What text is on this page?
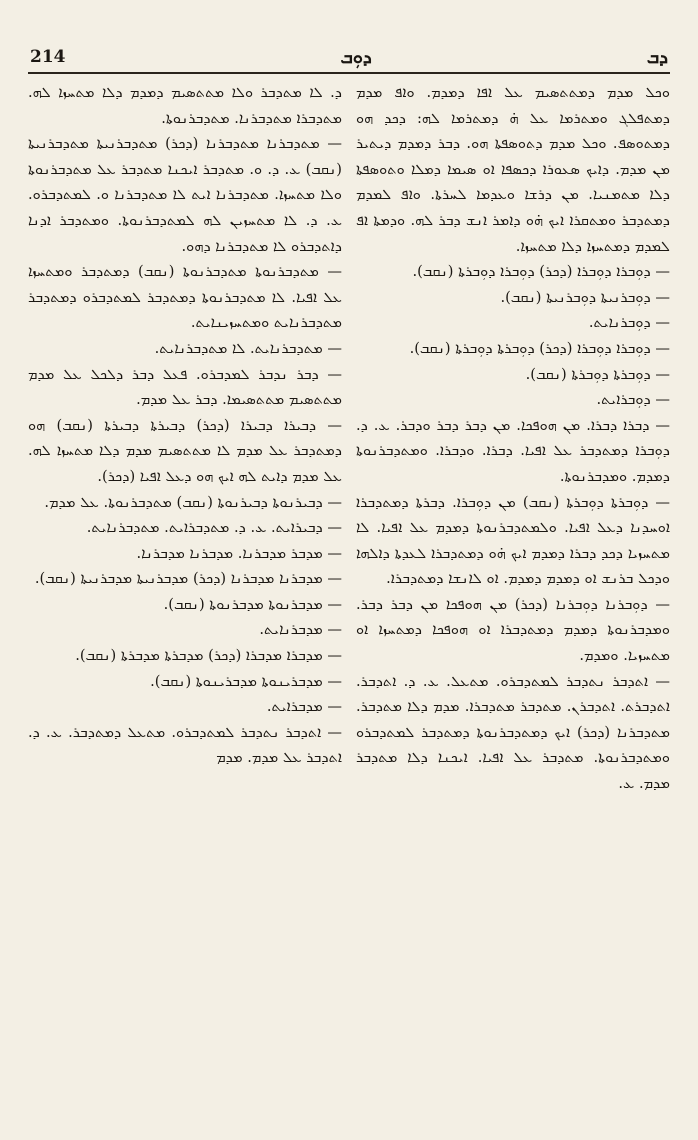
214	ܕܘܼܒ	ܕܒ

ܘܟܠ ܡܕܡ ܕܡܬܬܣܝܡ ܥܠ ܐܦܐ ܕܡܕܡ. ܘܐܦ ܡܕܡ ܕܡܬܦܠܓ ܘܡܬܪܡܐ ܥܠ ܗ̇ ܕܡܬܪܡܐ ܠܗ: ܕܟܕ ܗܘ ܕܡܬܘܣܦ. ܘܟܠ ܡܕܡ ܕܬܘܣܦܬܐ ܗܘ. ܕܒܪ ܕܡܕܡ ܕܝܬܝܪ ܡܢ ܡܕܡ. ܕܐܝܟ ܣܥܘܪܐ ܕܟܣܦܐ ܐܘ ܣܝܡܐ ܕܡܠܐ ܘܬܘܣܦܬܐ ܕܠܐ ܡܬܡܢܝܐ. ܡܢ ܕܪܫܐ ܘܥܕܡܐ ܠܚܪܬܐ. ܘܐܦ ܠܡܕܡ ܕܡܬܕܒܪ ܘܡܬܩܪܐ ܐܝܟ ܗ̇ܘ ܕܐܡܪ ܐܢܫ ܕܒܪ ܠܗ. ܘܕܡܬܐ ܐܦ ܠܡܕܡ ܕܡܬܚܙܐ ܕܠܐ ܡܬܚܙܐ.

— ܕܘܼܒܪܐ ܕܘܼܒܪܐ (ܕܟܪ) ܕܘܼܒܪܐ ܕܘܼܒܪܬܐ (ܢܩܒ).

— ܕܘܼܒܪܢܝܬܐ ܕܘܼܒܪܢܝܬܐ (ܢܩܒ).

— ܕܘܼܒܪܢܐܝܬ.

— ܕܘܼܒܪܐ ܕܘܼܒܪܐ (ܕܟܪ) ܕܘܼܒܪܬܐ ܕܘܼܒܪܬܐ (ܢܩܒ).

— ܕܘܼܒܪܬܐ ܕܘܼܒܪܬܐ (ܢܩܒ).

— ܕܘܼܒܪܐܝܬ.

— ܕܒܪܐ ܕܒܪܐ. ܡܢ ܗܘܦܟܐ. ܡܢ ܕܒܪ ܕܒܪ ܘܕܒܪ. ܥ. ܕ. ܕܘܼܒܪܐ ܕܡܬܕܒܪ ܥܠ ܐܦܝܐ. ܕܒܪܐ. ܘܕܒܪܐ. ܘܡܬܕܒܪܢܘܬܐ ܕܡܕܡ. ܘܡܕܒܪܢܘܬܐ.

— ܕܘܼܒܪܬܐ ܕܘܼܒܪܬܐ (ܢܩܒ) ܡܢ ܕܘܼܒܪܐ. ܕܒܪܬܐ ܕܡܬܕܒܪܐ ܐܘܚܕܢܐ ܕܥܠ ܐܦܝܐ. ܘܠܡܬܕܒܪܢܘܬܐ ܕܡܕܡ ܥܠ ܐܦܝܐ. ܠܐ ܡܬܚܙܝܐ ܕܟܕ ܕܒܪܐ ܕܡܕܡ ܐܝܟ ܗ̇ܘ ܕܡܬܕܒܪܐ ܠܥܕܬܐ ܕܐܠܗܐ ܘܕܟܠ ܒܪܢܫ ܐܘ ܕܡܕܡ ܕܡܕܡ. ܐܘ ܠܐܢܫܐ ܕܡܬܕܒܪܐ.

— ܕܘܼܒܪܢܐ ܕܘܼܒܪܢܐ (ܕܟܪ) ܡܢ ܗܘܦܟܐ ܡܢ ܕܒܪ ܕܒܪ. ܘܡܕܒܪܢܘܬܐ ܕܡܕܡ ܕܡܬܕܒܪܐ ܐܘ ܗܘܦܟܐ ܕܡܬܚܙܐ ܐܘ ܡܬܚܙܝܐ. ܘܡܕܡ.

— ܐܬܕܒܪ ܢܬܕܒܪ ܠܡܬܕܒܪܘ. ܡܬܥܠ. ܥ. ܕ. ܐܬܕܒܪ. ܐܬܕܒܪܬ. ܐܬܕܒܪܢ. ܡܬܕܒܪ ܡܬܕܒܪܐ. ܡܕܡ ܕܠܐ ܡܬܕܒܪ. ܡܬܕܒܪܢܐ (ܕܟܪ) ܐܝܟ ܕܡܬܕܒܪܢܘܬܐ ܕܡܬܕܒܪ ܠܡܬܕܒܪܘ ܘܡܬܕܒܪܢܘܬܐ. ܡܬܕܒܪ ܥܠ ܐܦܝܐ. ܐܝܟܢܐ ܕܠܐ ܡܬܕܒܪ ܡܕܡ. ܥ.

ܕ. ܠܐ ܡܬܕܒܪ ܘܠܐ ܡܬܬܣܝܡ ܕܡܕܡ ܕܠܐ ܡܬܚܙܐ ܠܗ. ܡܬܕܒܪܐ ܡܬܕܒܪܢܐ. ܡܬܕܒܪܢܘܬܐ.

— ܡܬܕܒܪܢܐ ܡܬܕܒܪܢܐ (ܕܟܪ) ܡܬܕܒܪܢܝܬܐ ܡܬܕܒܪܢܝܬܐ (ܢܩܒ) ܥ. ܕ. ܘ. ܡܬܕܒܪ ܐܝܟܢܐ ܡܬܕܒܪ ܥܠ ܡܬܕܒܪܢܘܬܐ ܘܠܐ ܡܬܚܙܐ. ܡܬܕܒܪܢܐ ܐܝܬ ܠܐ ܡܬܕܒܪܢܐ ܘ. ܠܡܬܕܒܪܘ. ܥ. ܕ. ܠܐ ܡܬܚܙܝܢ ܠܗ ܠܡܬܕܒܪܢܘܬܐ. ܘܡܬܕܒܪ ܐܕܢܐ ܕܐܬܕܒܪܘ ܠܐ ܡܬܕܒܪܢܐ ܕܗܘ.

— ܡܬܕܒܪܢܘܬܐ ܡܬܕܒܪܢܘܬܐ (ܢܩܒ) ܕܡܬܕܒܪ ܘܡܬܚܙܐ ܥܠ ܐܦܝܐ. ܠܐ ܡܬܕܒܪܢܘܬܐ ܕܡܬܕܒܪ ܠܡܬܕܒܪܘ ܕܡܬܕܒܪ ܡܬܕܒܪܢܐܝܬ ܘܡܬܚܙܝܢܐܝܬ.

— ܡܬܕܒܪܢܐܝܬ. ܠܐ ܡܬܕܒܪܢܐܝܬ.

— ܕܒܪ ܢܕܒܪ ܠܡܕܒܪܘ. ܦܥܠ ܕܒܪ ܕܠܟܠ ܥܠ ܡܕܡ ܡܬܬܣܝܡ ܡܬܬܣܝܡܐ. ܕܒܪ ܥܠ ܡܕܡ.

— ܕܒܝܪܐ ܕܒܝܪܐ (ܕܟܪ) ܕܒܝܪܬܐ ܕܒܝܪܬܐ (ܢܩܒ) ܗܘ ܕܡܬܕܒܪ ܥܠ ܡܕܡ ܠܐ ܡܬܬܣܝܡ ܡܕܡ ܕܠܐ ܡܬܚܙܐ ܠܗ. ܥܠ ܡܕܡ ܕܐܝܬ ܠܗ ܐܝܟ ܗܘ ܕܥܠ ܐܦܝܐ (ܕܟܪ).

— ܕܒܝܪܢܘܬܐ ܕܒܝܪܢܘܬܐ (ܢܩܒ) ܡܬܕܒܪܢܘܬܐ. ܥܠ ܡܕܡ.

— ܕܒܝܪܐܝܬ. ܥ. ܕ. ܡܬܕܒܪܐܝܬ. ܡܬܕܒܪܢܐܝܬ.

— ܡܕܒܪ ܡܕܒܪܢܐ. ܡܕܒܪܢܐ ܡܕܒܪܢܐ.

— ܡܕܒܪܢܐ ܡܕܒܪܢܐ (ܕܟܪ) ܡܕܒܪܢܝܬܐ ܡܕܒܪܢܝܬܐ (ܢܩܒ).

— ܡܕܒܪܢܘܬܐ ܡܕܒܪܢܘܬܐ (ܢܩܒ).

— ܡܕܒܪܢܐܝܬ.

— ܡܕܒܪܐ ܡܕܒܪܐ (ܕܟܪ) ܡܕܒܪܬܐ ܡܕܒܪܬܐ (ܢܩܒ).

— ܡܕܒܪܝܢܘܬܐ ܡܕܒܪܝܢܘܬܐ (ܢܩܒ).

— ܡܕܒܪܐܝܬ.

— ܐܬܕܒܪ ܢܬܕܒܪ ܠܡܬܕܒܪܘ. ܡܬܥܠ ܕܡܬܕܒܪ. ܥ. ܕ. ܐܬܕܒܪ ܥܠ ܡܕܡ. ܡܕܡ
